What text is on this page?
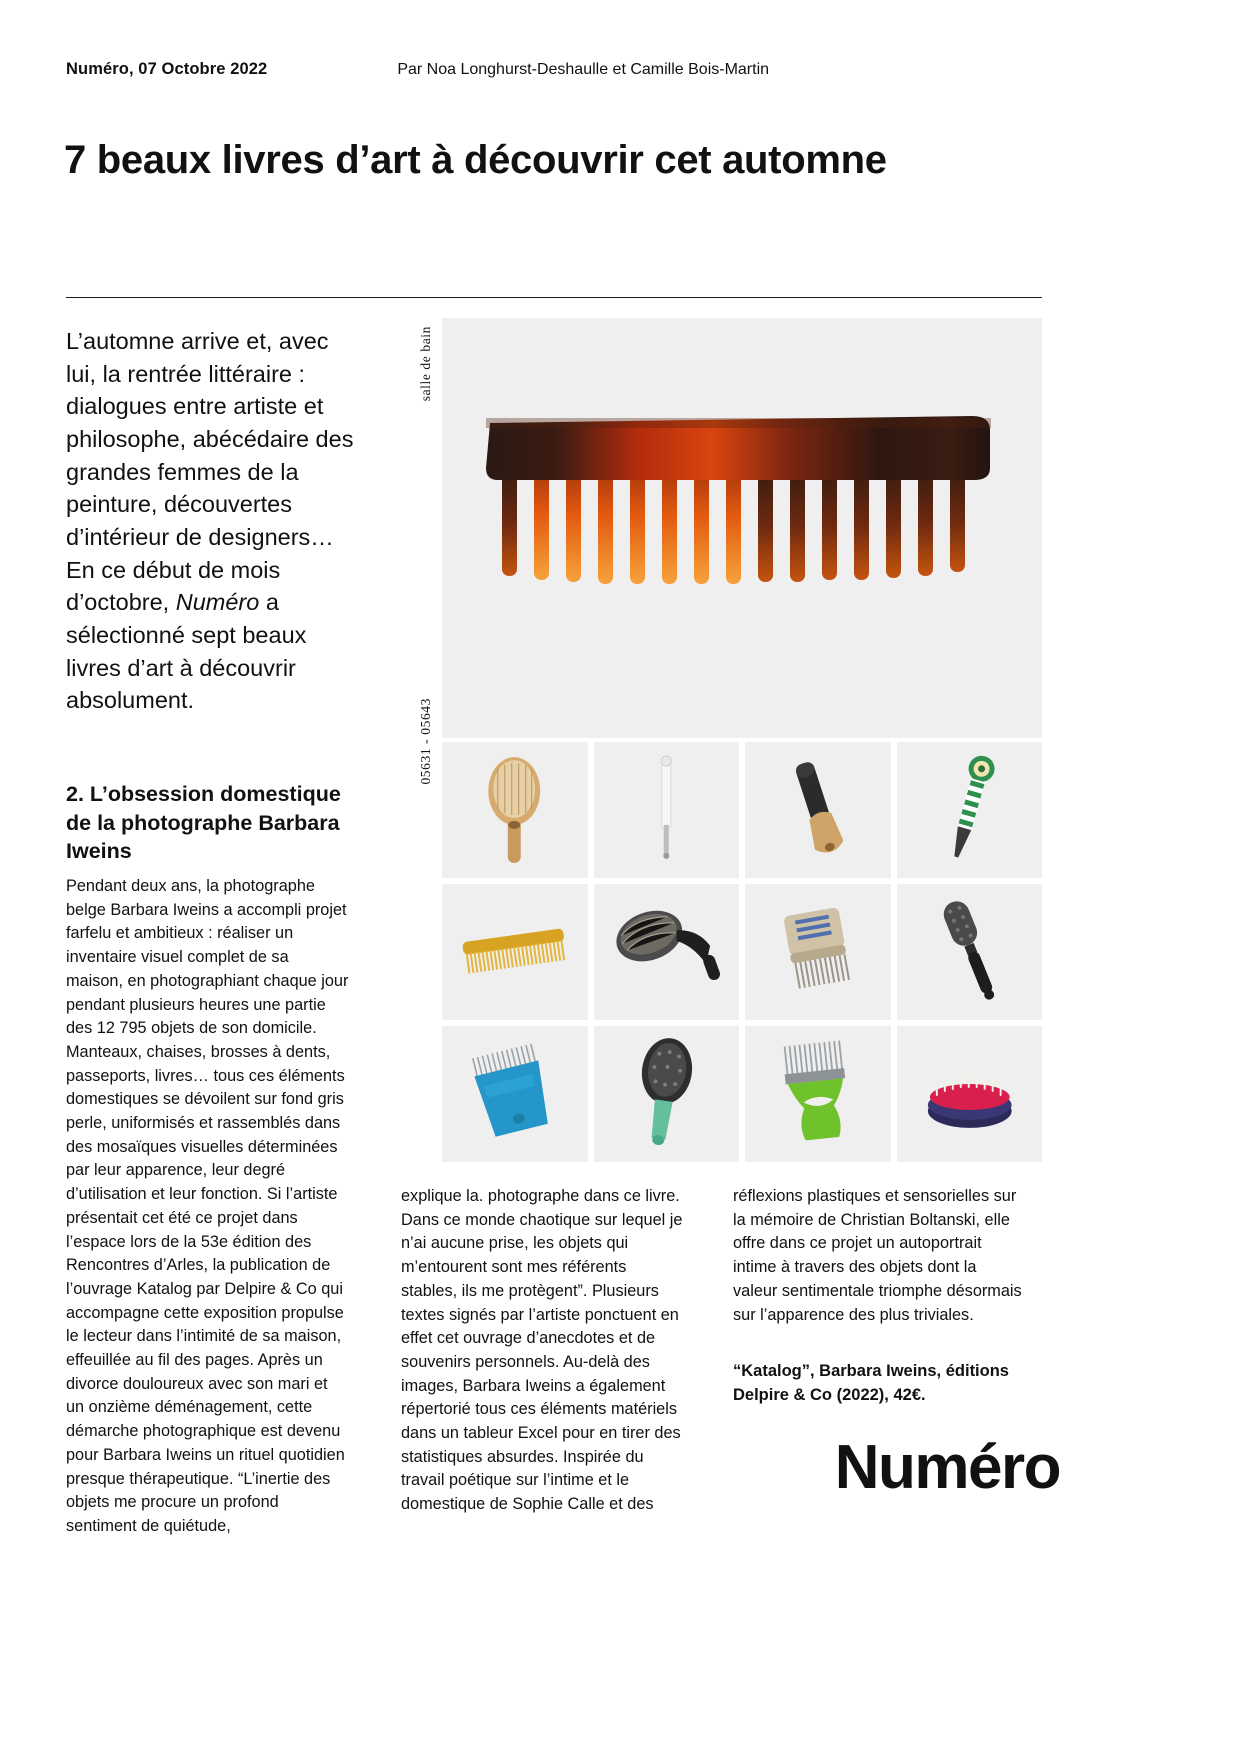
Numéro, 07 Octobre 2022	Par Noa Longhurst-Deshaulle et Camille Bois-Martin
7 beaux livres d’art à découvrir cet automne
L’automne arrive et, avec lui, la rentrée littéraire : dialogues entre artiste et philosophe, abécédaire des grandes femmes de la peinture, découvertes d’intérieur de designers… En ce début de mois d’octobre, Numéro a sélectionné sept beaux livres d’art à découvrir absolument.
2. L’obsession domestique de la photographe Barbara Iweins
Pendant deux ans, la photographe belge Barbara Iweins a accompli projet farfelu et ambitieux : réaliser un inventaire visuel complet de sa maison, en photographiant chaque jour pendant plusieurs heures une partie des 12 795 objets de son domicile. Manteaux, chaises, brosses à dents, passeports, livres… tous ces éléments domestiques se dévoilent sur fond gris perle, uniformisés et rassemblés dans des mosaïques visuelles déterminées par leur apparence, leur degré d’utilisation et leur fonction. Si l’artiste présentait cet été ce projet dans l’espace lors de la 53e édition des Rencontres d’Arles, la publication de l’ouvrage Katalog par Delpire & Co qui accompagne cette exposition propulse le lecteur dans l’intimité de sa maison, effeuillée au fil des pages. Après un divorce douloureux avec son mari et un onzième déménagement, cette démarche photographique est devenu pour Barbara Iweins un rituel quotidien presque thérapeutique. “L’inertie des objets me procure un profond sentiment de quiétude,
salle de bain
05631 - 05643
explique la. photographe dans ce livre. Dans ce monde chaotique sur lequel je n’ai aucune prise, les objets qui m’entourent sont mes référents stables, ils me protègent”. Plusieurs textes signés par l’artiste ponctuent en effet cet ouvrage d’anecdotes et de souvenirs personnels. Au-delà des images, Barbara Iweins a également répertorié tous ces éléments matériels dans un tableur Excel pour en tirer des statistiques absurdes. Inspirée du travail poétique sur l’intime et le domestique de Sophie Calle et des
réflexions plastiques et sensorielles sur la mémoire de Christian Boltanski, elle offre dans ce projet un autoportrait intime à travers des objets dont la valeur sentimentale triomphe désormais sur l’apparence des plus triviales.
“Katalog”, Barbara Iweins, éditions Delpire & Co (2022), 42€.
Numéro
